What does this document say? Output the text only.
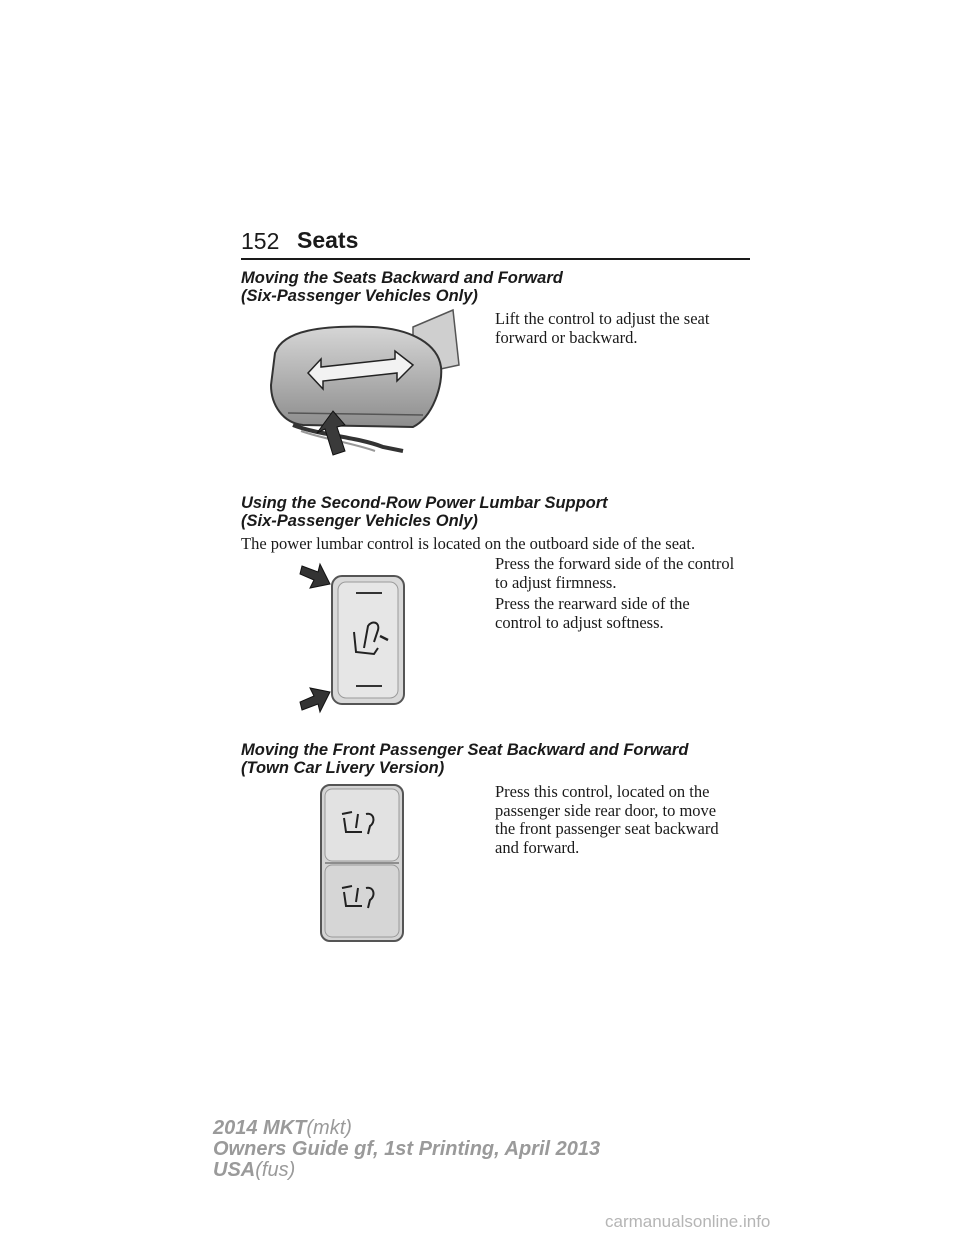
152 Seats
Moving the Seats Backward and Forward
(Six-Passenger Vehicles Only)
Lift the control to adjust the seat forward or backward.
Using the Second-Row Power Lumbar Support
(Six-Passenger Vehicles Only)
The power lumbar control is located on the outboard side of the seat.
Press the forward side of the control to adjust firmness.
Press the rearward side of the control to adjust softness.
Moving the Front Passenger Seat Backward and Forward
(Town Car Livery Version)
Press this control, located on the passenger side rear door, to move the front passenger seat backward and forward.
2014 MKT(mkt)
Owners Guide gf, 1st Printing, April 2013
USA(fus)
carmanualsonline.info
